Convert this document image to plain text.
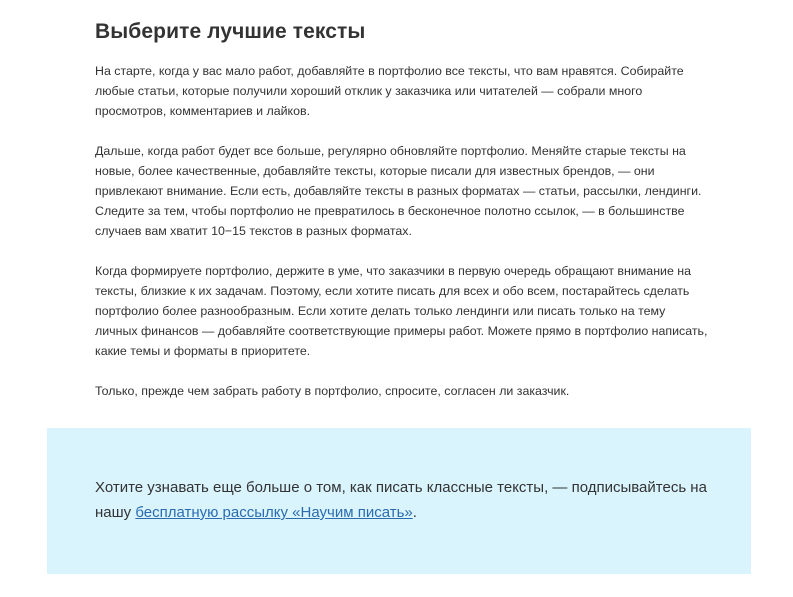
Выберите лучшие тексты

На старте, когда у вас мало работ, добавляйте в портфолио все тексты, что вам нравятся. Собирайте любые статьи, которые получили хороший отклик у заказчика или читателей — собрали много просмотров, комментариев и лайков.

Дальше, когда работ будет все больше, регулярно обновляйте портфолио. Меняйте старые тексты на новые, более качественные, добавляйте тексты, которые писали для известных брендов, — они привлекают внимание. Если есть, добавляйте тексты в разных форматах — статьи, рассылки, лендинги. Следите за тем, чтобы портфолио не превратилось в бесконечное полотно ссылок, — в большинстве случаев вам хватит 10−15 текстов в разных форматах.

Когда формируете портфолио, держите в уме, что заказчики в первую очередь обращают внимание на тексты, близкие к их задачам. Поэтому, если хотите писать для всех и обо всем, постарайтесь сделать портфолио более разнообразным. Если хотите делать только лендинги или писать только на тему личных финансов — добавляйте соответствующие примеры работ. Можете прямо в портфолио написать, какие темы и форматы в приоритете.

Только, прежде чем забрать работу в портфолио, спросите, согласен ли заказчик.

Хотите узнавать еще больше о том, как писать классные тексты, — подписывайтесь на нашу бесплатную рассылку «Научим писать».
